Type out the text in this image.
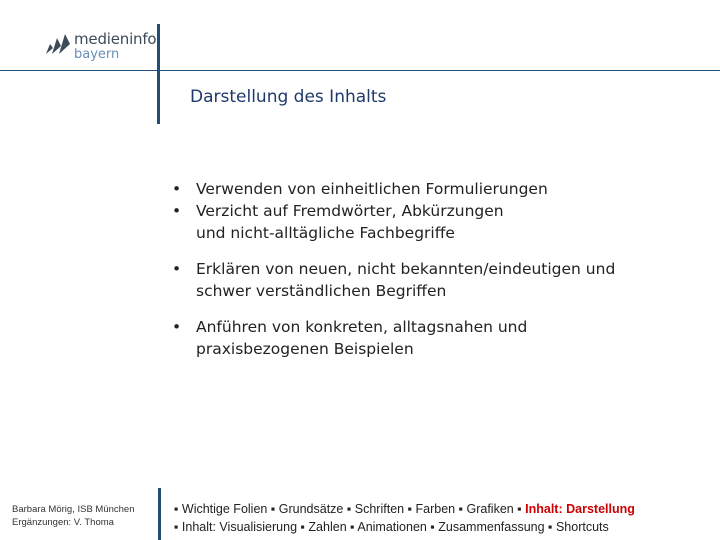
medieninfo
bayern
Darstellung des Inhalts
• Verwenden von einheitlichen Formulierungen
• Verzicht auf Fremdwörter, Abkürzungen
und nicht-alltägliche Fachbegriffe
• Erklären von neuen, nicht bekannten/eindeutigen und
schwer verständlichen Begriffen
• Anführen von konkreten, alltagsnahen und
praxisbezogenen Beispielen
Barbara Mörig, ISB München
Ergänzungen: V. Thoma
▪ Wichtige Folien ▪ Grundsätze ▪ Schriften ▪ Farben ▪ Grafiken ▪ Inhalt: Darstellung
▪ Inhalt: Visualisierung ▪ Zahlen ▪ Animationen ▪ Zusammenfassung ▪ Shortcuts
